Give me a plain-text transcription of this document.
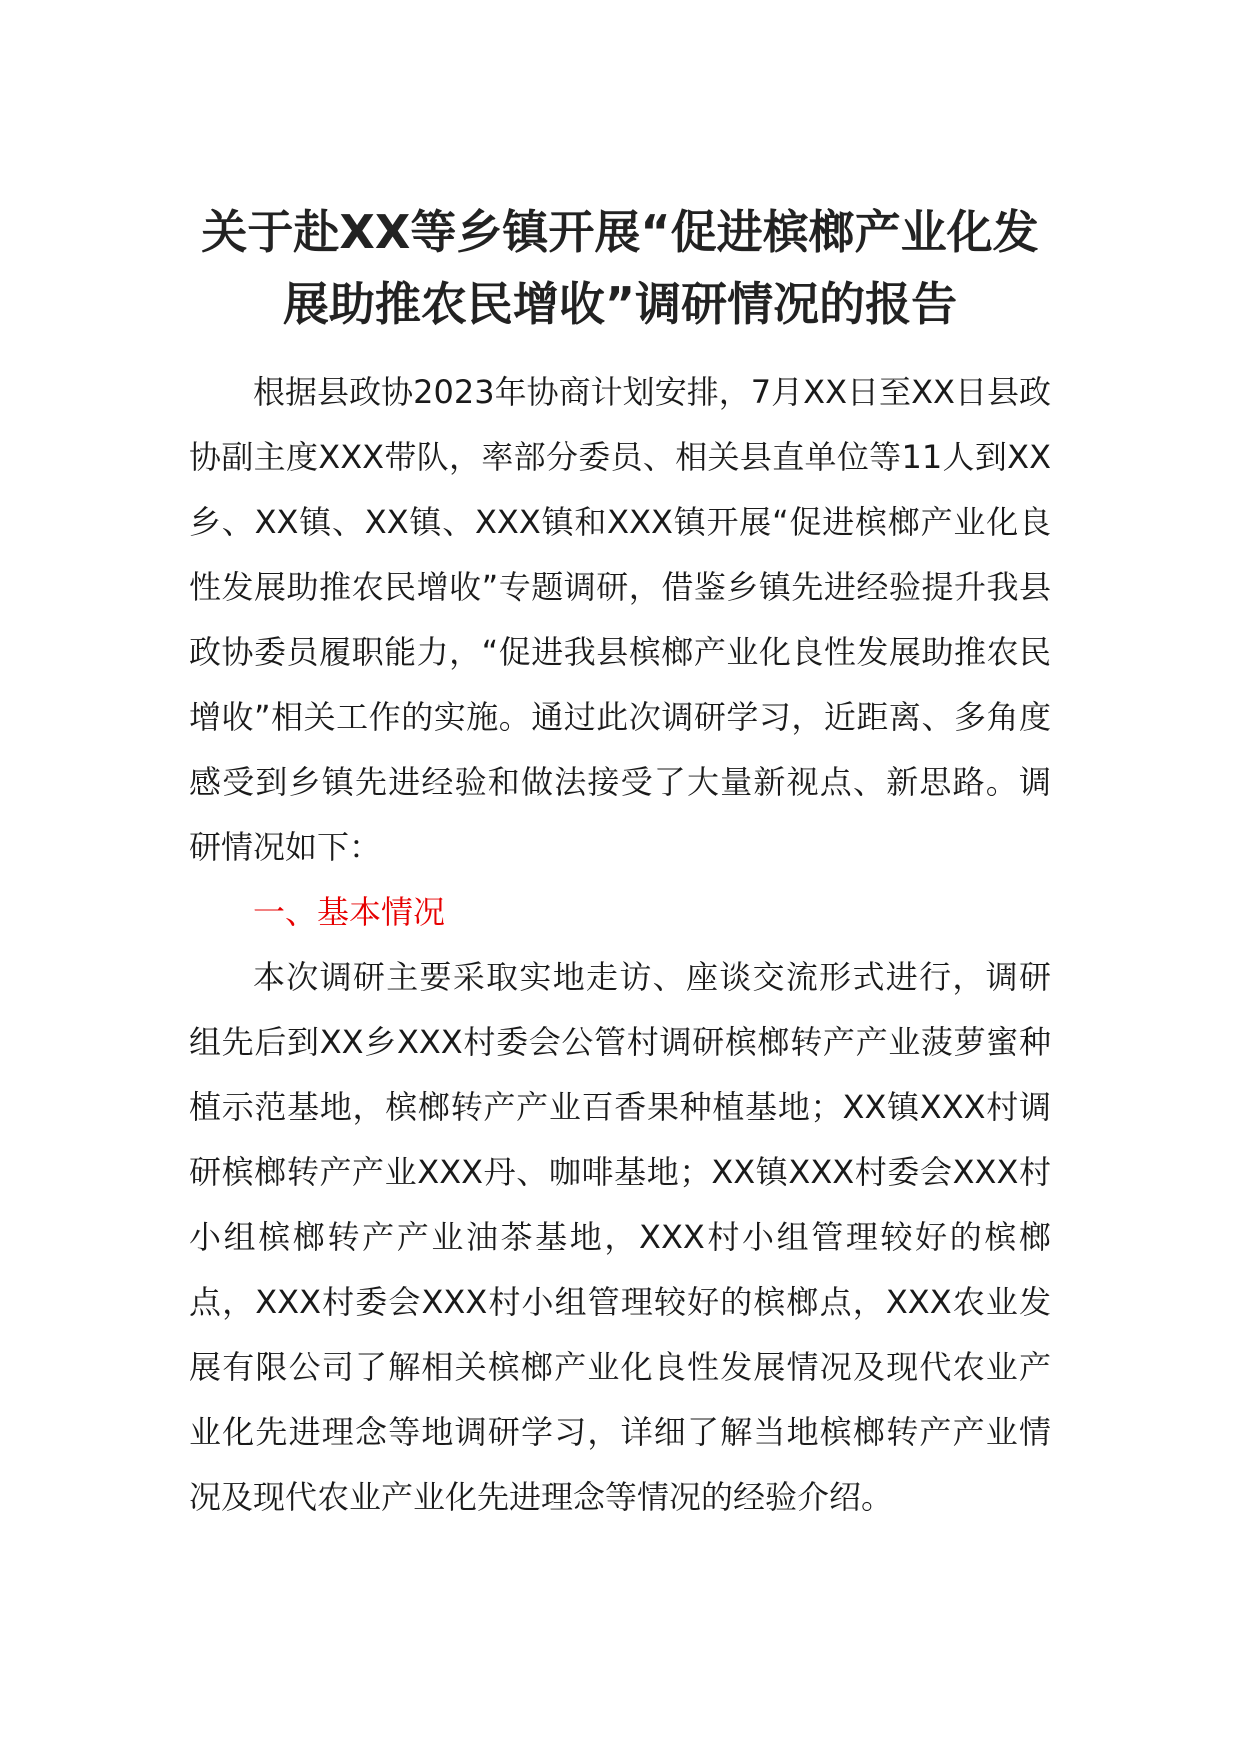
关于赴XX等乡镇开展“促进槟榔产业化发
展助推农民增收”调研情况的报告

根据县政协2023年协商计划安排，7月XX日至XX日县政协副主度XXX带队，率部分委员、相关县直单位等11人到XX乡、XX镇、XX镇、XXX镇和XXX镇开展“促进槟榔产业化良性发展助推农民增收”专题调研，借鉴乡镇先进经验提升我县政协委员履职能力，“促进我县槟榔产业化良性发展助推农民增收”相关工作的实施。通过此次调研学习，近距离、多角度感受到乡镇先进经验和做法接受了大量新视点、新思路。调研情况如下：

一、基本情况

本次调研主要采取实地走访、座谈交流形式进行，调研组先后到XX乡XXX村委会公管村调研槟榔转产产业菠萝蜜种植示范基地，槟榔转产产业百香果种植基地；XX镇XXX村调研槟榔转产产业XXX丹、咖啡基地；XX镇XXX村委会XXX村小组槟榔转产产业油茶基地，XXX村小组管理较好的槟榔点，XXX村委会XXX村小组管理较好的槟榔点，XXX农业发展有限公司了解相关槟榔产业化良性发展情况及现代农业产业化先进理念等地调研学习，详细了解当地槟榔转产产业情况及现代农业产业化先进理念等情况的经验介绍。
